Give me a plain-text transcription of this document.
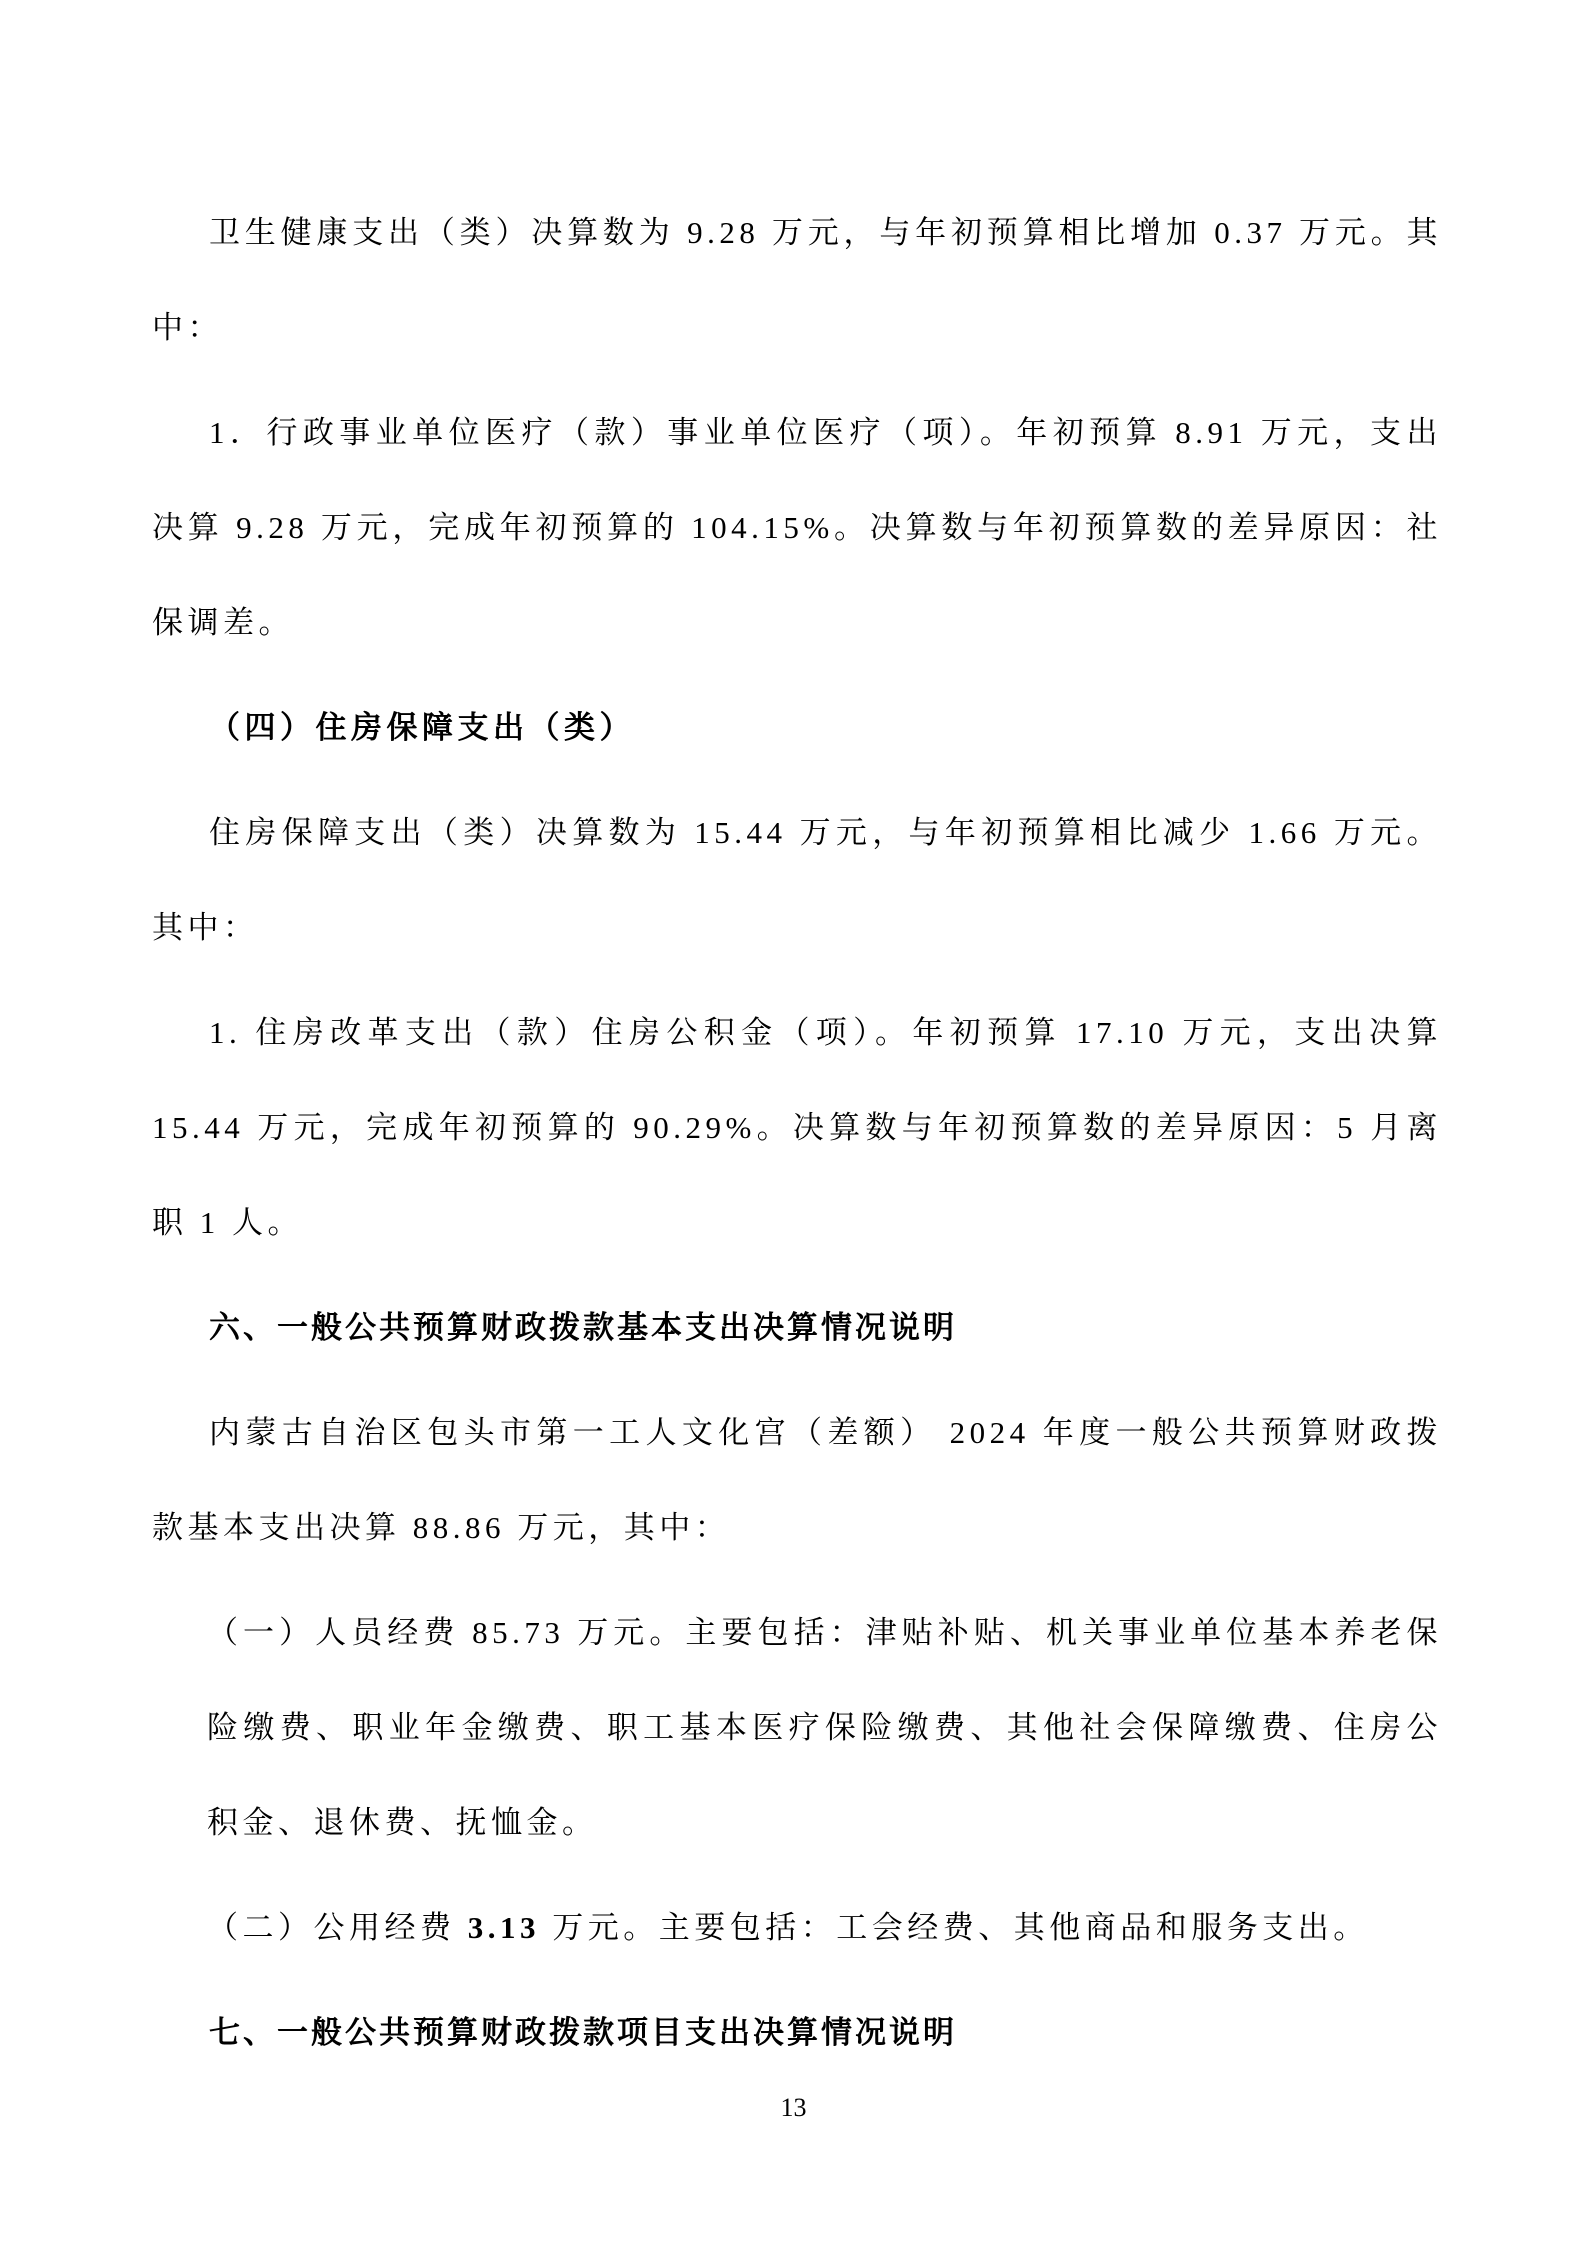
卫生健康支出（类）决算数为 9.28 万元，与年初预算相比增加 0.37 万元。其中：

1．行政事业单位医疗（款）事业单位医疗（项）。年初预算 8.91 万元，支出决算 9.28 万元，完成年初预算的 104.15%。决算数与年初预算数的差异原因：社保调差。

（四）住房保障支出（类）

住房保障支出（类）决算数为 15.44 万元，与年初预算相比减少 1.66 万元。其中：

1. 住房改革支出（款）住房公积金（项）。年初预算 17.10 万元，支出决算 15.44 万元，完成年初预算的 90.29%。决算数与年初预算数的差异原因：5 月离职 1 人。

六、一般公共预算财政拨款基本支出决算情况说明

内蒙古自治区包头市第一工人文化宫（差额） 2024 年度一般公共预算财政拨款基本支出决算 88.86 万元，其中：

（一）人员经费 85.73 万元。主要包括：津贴补贴、机关事业单位基本养老保险缴费、职业年金缴费、职工基本医疗保险缴费、其他社会保障缴费、住房公积金、退休费、抚恤金。

（二）公用经费 3.13 万元。主要包括：工会经费、其他商品和服务支出。

七、一般公共预算财政拨款项目支出决算情况说明

13
